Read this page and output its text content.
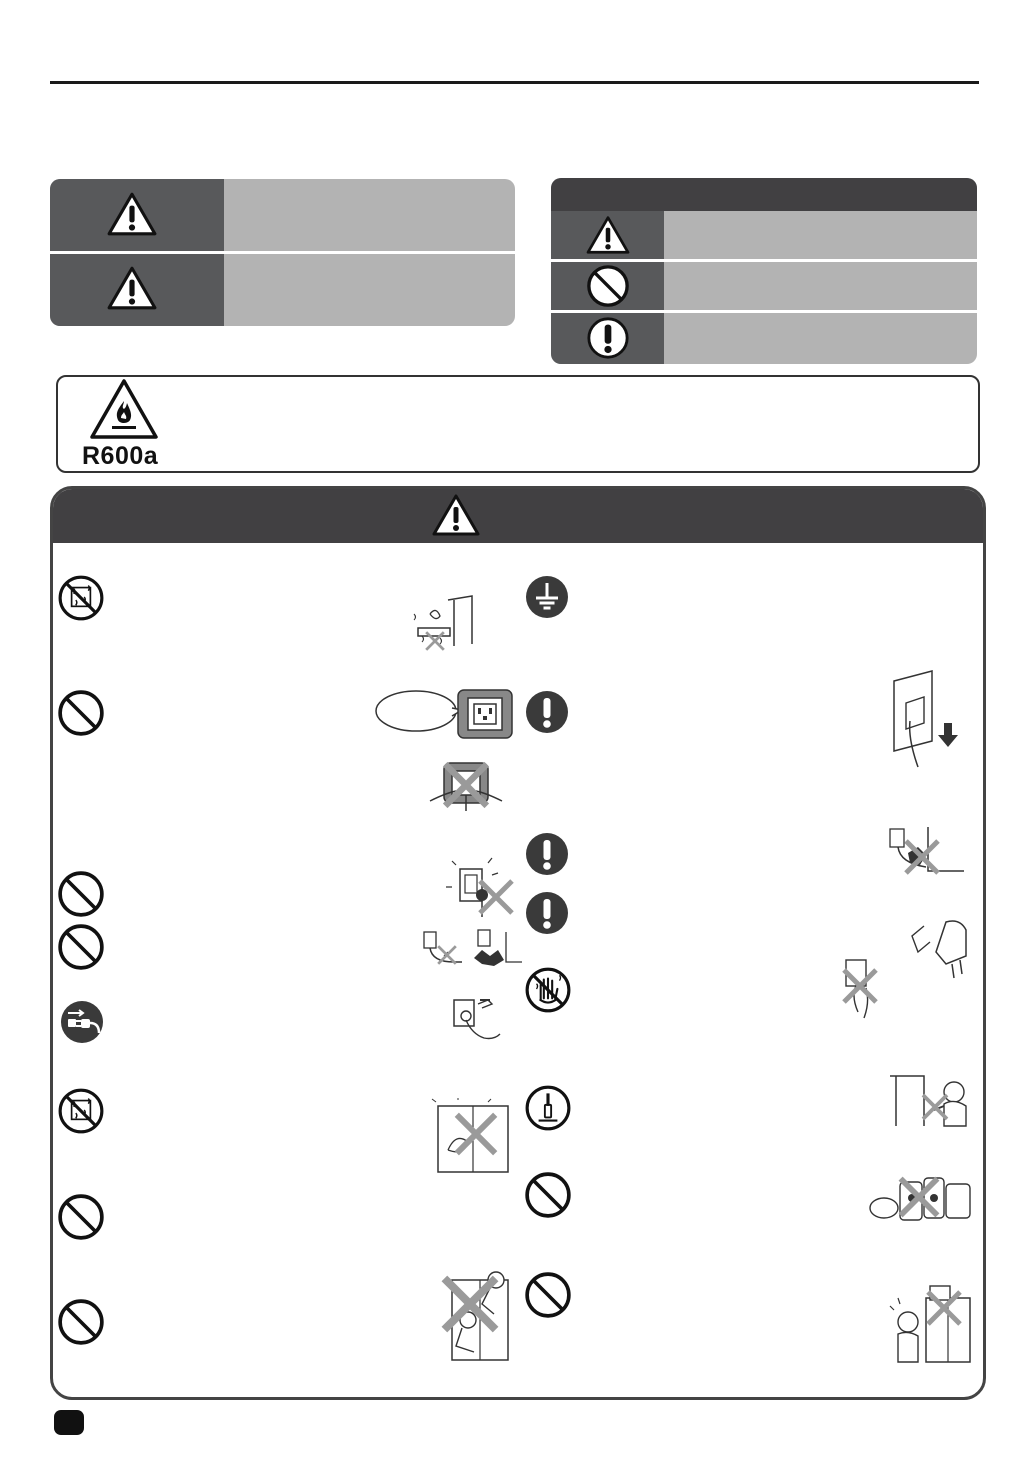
R600a
